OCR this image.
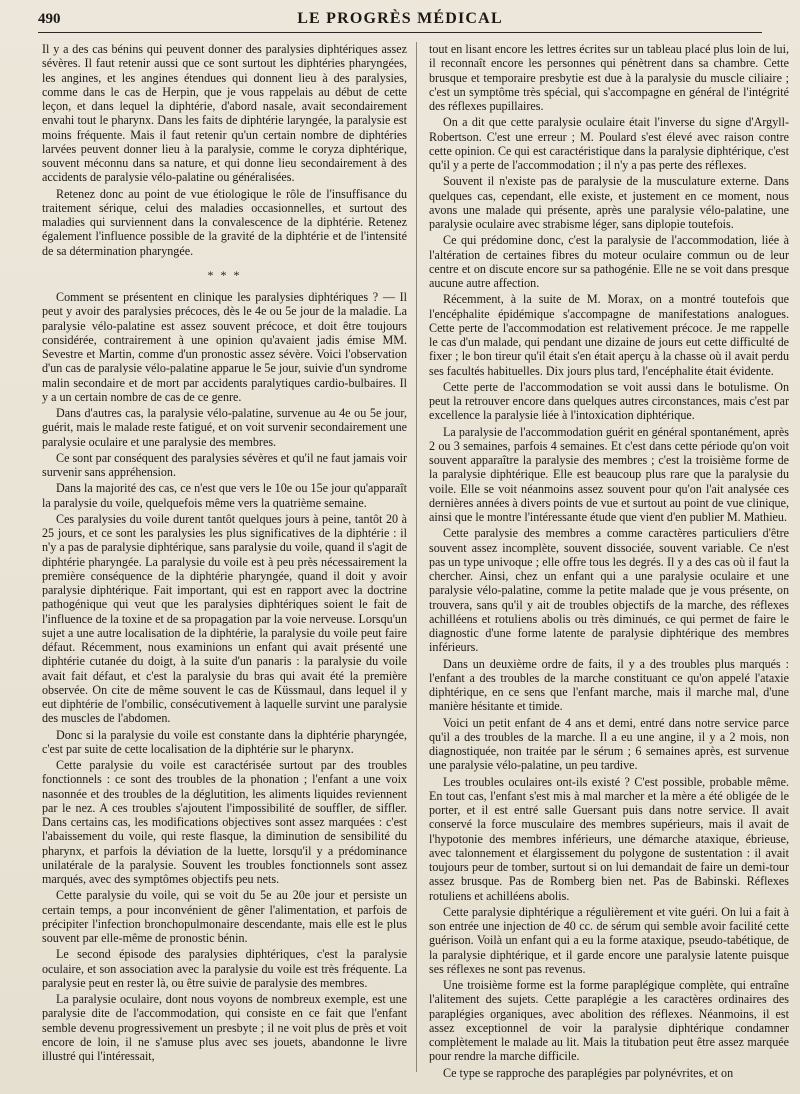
490	LE PROGRÈS MÉDICAL

Il y a des cas bénins qui peuvent donner des paralysies diphtériques assez sévères. Il faut retenir aussi que ce sont surtout les diphtéries pharyngées, les angines, et les angines étendues qui donnent lieu à des paralysies, comme dans le cas de Herpin, que je vous rappelais au début de cette leçon, et dans lequel la diphtérie, d'abord nasale, avait secondairement envahi tout le pharynx. Dans les faits de diphtérie laryngée, la paralysie est moins fréquente. Mais il faut retenir qu'un certain nombre de diphtéries larvées peuvent donner lieu à la paralysie, comme le coryza diphtérique, souvent méconnu dans sa nature, et qui donne lieu secondairement à des accidents de paralysie vélo-palatine ou généralisées.

Retenez donc au point de vue étiologique le rôle de l'insuffisance du traitement sérique, celui des maladies occasionnelles, et surtout des maladies qui surviennent dans la convalescence de la diphtérie. Retenez également l'influence possible de la gravité de la diphtérie et de l'intensité de sa détermination pharyngée.

* * *

Comment se présentent en clinique les paralysies diphtériques ? — Il peut y avoir des paralysies précoces, dès le 4e ou 5e jour de la maladie. La paralysie vélo-palatine est assez souvent précoce, et doit être toujours considérée, contrairement à une opinion qu'avaient jadis émise MM. Sevestre et Martin, comme d'un pronostic assez sévère. Voici l'observation d'un cas de paralysie vélo-palatine apparue le 5e jour, suivie d'un syndrome malin secondaire et de mort par accidents paralytiques cardio-bulbaires. Il y a un certain nombre de cas de ce genre.

Dans d'autres cas, la paralysie vélo-palatine, survenue au 4e ou 5e jour, guérit, mais le malade reste fatigué, et on voit survenir secondairement une paralysie oculaire et une paralysie des membres.

Ce sont par conséquent des paralysies sévères et qu'il ne faut jamais voir survenir sans appréhension.

Dans la majorité des cas, ce n'est que vers le 10e ou 15e jour qu'apparaît la paralysie du voile, quelquefois même vers la quatrième semaine.

Ces paralysies du voile durent tantôt quelques jours à peine, tantôt 20 à 25 jours, et ce sont les paralysies les plus significatives de la diphtérie : il n'y a pas de paralysie diphtérique, sans paralysie du voile, quand il s'agit de diphtérie pharyngée. La paralysie du voile est à peu près nécessairement la première conséquence de la diphtérie pharyngée, quand il doit y avoir paralysie diphtérique. Fait important, qui est en rapport avec la doctrine pathogénique qui veut que les paralysies diphtériques soient le fait de l'influence de la toxine et de sa propagation par la voie nerveuse. Lorsqu'un sujet a une autre localisation de la diphtérie, la paralysie du voile peut faire défaut. Récemment, nous examinions un enfant qui avait présenté une diphtérie cutanée du doigt, à la suite d'un panaris : la paralysie du voile avait fait défaut, et c'est la paralysie du bras qui avait été la première observée. On cite de même souvent le cas de Küssmaul, dans lequel il y eut diphtérie de l'ombilic, consécutivement à laquelle survint une paralysie des muscles de l'abdomen.

Donc si la paralysie du voile est constante dans la diphtérie pharyngée, c'est par suite de cette localisation de la diphtérie sur le pharynx.

Cette paralysie du voile est caractérisée surtout par des troubles fonctionnels : ce sont des troubles de la phonation ; l'enfant a une voix nasonnée et des troubles de la déglutition, les aliments liquides reviennent par le nez. A ces troubles s'ajoutent l'impossibilité de souffler, de siffler. Dans certains cas, les modifications objectives sont assez marquées : c'est l'abaissement du voile, qui reste flasque, la diminution de sensibilité du pharynx, et parfois la déviation de la luette, lorsqu'il y a prédominance unilatérale de la paralysie. Souvent les troubles fonctionnels sont assez marqués, avec des symptômes objectifs peu nets.

Cette paralysie du voile, qui se voit du 5e au 20e jour et persiste un certain temps, a pour inconvénient de gêner l'alimentation, et parfois de précipiter l'infection bronchopulmonaire descendante, mais elle est le plus souvent par elle-même de pronostic bénin.

Le second épisode des paralysies diphtériques, c'est la paralysie oculaire, et son association avec la paralysie du voile est très fréquente. La paralysie peut en rester là, ou être suivie de paralysie des membres.

La paralysie oculaire, dont nous voyons de nombreux exemple, est une paralysie dite de l'accommodation, qui consiste en ce fait que l'enfant semble devenu progressivement un presbyte ; il ne voit plus de près et voit encore de loin, il ne s'amuse plus avec ses jouets, abandonne le livre illustré qui l'intéressait,

tout en lisant encore les lettres écrites sur un tableau placé plus loin de lui, il reconnaît encore les personnes qui pénètrent dans sa chambre. Cette brusque et temporaire presbytie est due à la paralysie du muscle ciliaire ; c'est un symptôme très spécial, qui s'accompagne en général de l'intégrité des réflexes pupillaires.

On a dit que cette paralysie oculaire était l'inverse du signe d'Argyll-Robertson. C'est une erreur ; M. Poulard s'est élevé avec raison contre cette opinion. Ce qui est caractéristique dans la paralysie diphtérique, c'est qu'il y a perte de l'accommodation ; il n'y a pas perte des réflexes.

Souvent il n'existe pas de paralysie de la musculature externe. Dans quelques cas, cependant, elle existe, et justement en ce moment, nous avons une malade qui présente, après une paralysie vélo-palatine, une paralysie oculaire avec strabisme léger, sans diplopie toutefois.

Ce qui prédomine donc, c'est la paralysie de l'accommodation, liée à l'altération de certaines fibres du moteur oculaire commun ou de leur centre et on discute encore sur sa pathogénie. Elle ne se voit dans presque aucune autre affection.

Récemment, à la suite de M. Morax, on a montré toutefois que l'encéphalite épidémique s'accompagne de manifestations analogues. Cette perte de l'accommodation est relativement précoce. Je me rappelle le cas d'un malade, qui pendant une dizaine de jours eut cette difficulté de fixer ; le bon tireur qu'il était s'en était aperçu à la chasse où il avait perdu ses facultés habituelles. Dix jours plus tard, l'encéphalite était évidente.

Cette perte de l'accommodation se voit aussi dans le botulisme. On peut la retrouver encore dans quelques autres circonstances, mais c'est par excellence la paralysie liée à l'intoxication diphtérique.

La paralysie de l'accommodation guérit en général spontanément, après 2 ou 3 semaines, parfois 4 semaines. Et c'est dans cette période qu'on voit souvent apparaître la paralysie des membres ; c'est la troisième forme de la paralysie diphtérique. Elle est beaucoup plus rare que la paralysie du voile. Elle se voit néanmoins assez souvent pour qu'on l'ait analysée ces dernières années à divers points de vue et surtout au point de vue clinique, ainsi que le montre l'intéressante étude que vient d'en publier M. Mathieu.

Cette paralysie des membres a comme caractères particuliers d'être souvent assez incomplète, souvent dissociée, souvent variable. Ce n'est pas un type univoque ; elle offre tous les degrés. Il y a des cas où il faut la chercher. Ainsi, chez un enfant qui a une paralysie oculaire et une paralysie vélo-palatine, comme la petite malade que je vous présente, on trouvera, sans qu'il y ait de troubles objectifs de la marche, des réflexes achilléens et rotuliens abolis ou très diminués, ce qui permet de faire le diagnostic d'une forme latente de paralysie diphtérique des membres inférieurs.

Dans un deuxième ordre de faits, il y a des troubles plus marqués : l'enfant a des troubles de la marche constituant ce qu'on appelé l'ataxie diphtérique, en ce sens que l'enfant marche, mais il marche mal, d'une manière hésitante et timide.

Voici un petit enfant de 4 ans et demi, entré dans notre service parce qu'il a des troubles de la marche. Il a eu une angine, il y a 2 mois, non diagnostiquée, non traitée par le sérum ; 6 semaines après, est survenue une paralysie vélo-palatine, un peu tardive.

Les troubles oculaires ont-ils existé ? C'est possible, probable même. En tout cas, l'enfant s'est mis à mal marcher et la mère a été obligée de le porter, et il est entré salle Guersant puis dans notre service. Il avait conservé la force musculaire des membres supérieurs, mais il avait de l'hypotonie des membres inférieurs, une démarche ataxique, ébrieuse, avec talonnement et élargissement du polygone de sustentation : il avait toujours peur de tomber, surtout si on lui demandait de faire un demi-tour assez brusque. Pas de Romberg bien net. Pas de Babinski. Réflexes rotuliens et achilléens abolis.

Cette paralysie diphtérique a régulièrement et vite guéri. On lui a fait à son entrée une injection de 40 cc. de sérum qui semble avoir facilité cette guérison. Voilà un enfant qui a eu la forme ataxique, pseudo-tabétique, de la paralysie diphtérique, et il garde encore une paralysie latente puisque ses réflexes ne sont pas revenus.

Une troisième forme est la forme paraplégique complète, qui entraîne l'alitement des sujets. Cette paraplégie a les caractères ordinaires des paraplégies organiques, avec abolition des réflexes. Néanmoins, il est assez exceptionnel de voir la paralysie diphtérique condamner complètement le malade au lit. Mais la titubation peut être assez marquée pour rendre la marche difficile.

Ce type se rapproche des paraplégies par polynévrites, et on
